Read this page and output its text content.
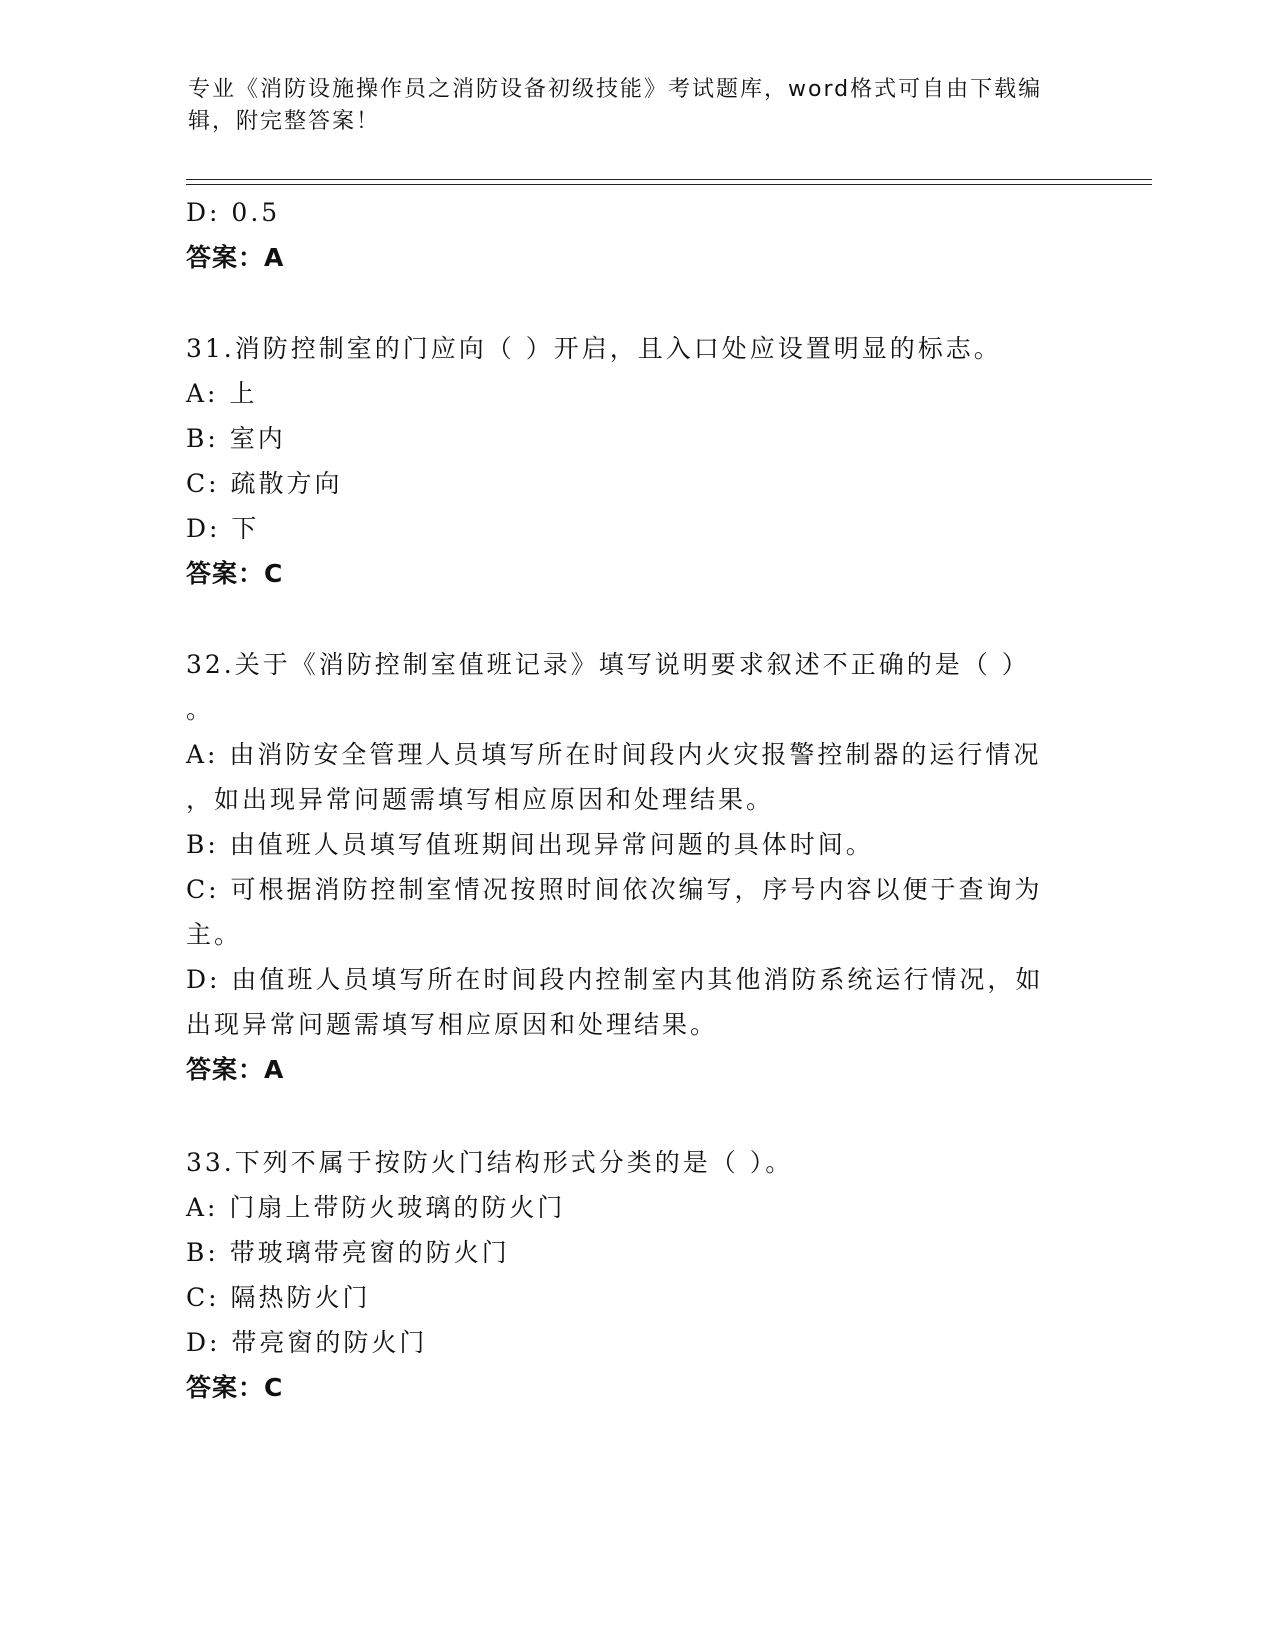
专业《消防设施操作员之消防设备初级技能》考试题库，word格式可自由下载编辑，附完整答案！
D: 0.5
答案：A
31.消防控制室的门应向（ ）开启，且入口处应设置明显的标志。
A: 上
B: 室内
C: 疏散方向
D: 下
答案：C
32.关于《消防控制室值班记录》填写说明要求叙述不正确的是（ ）
。
A: 由消防安全管理人员填写所在时间段内火灾报警控制器的运行情况
，如出现异常问题需填写相应原因和处理结果。
B: 由值班人员填写值班期间出现异常问题的具体时间。
C: 可根据消防控制室情况按照时间依次编写，序号内容以便于查询为
主。
D: 由值班人员填写所在时间段内控制室内其他消防系统运行情况，如
出现异常问题需填写相应原因和处理结果。
答案：A
33.下列不属于按防火门结构形式分类的是（ ）。
A: 门扇上带防火玻璃的防火门
B: 带玻璃带亮窗的防火门
C: 隔热防火门
D: 带亮窗的防火门
答案：C
